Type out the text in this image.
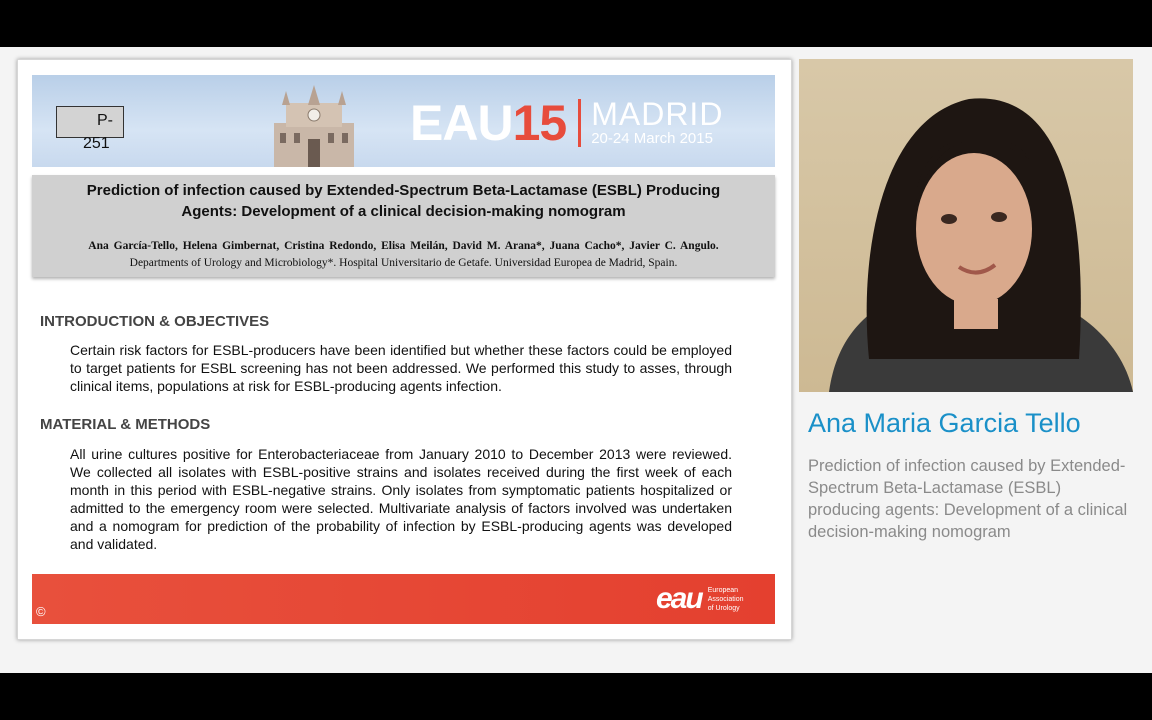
P-
251	EAU 15 MADRID
20-24 March 2015
Prediction of infection caused by Extended-Spectrum Beta-Lactamase (ESBL) Producing
Agents: Development of a clinical decision-making nomogram
Ana García-Tello, Helena Gimbernat, Cristina Redondo, Elisa Meilán, David M. Arana*, Juana Cacho*, Javier C. Angulo.
Departments of Urology and Microbiology*. Hospital Universitario de Getafe. Universidad Europea de Madrid, Spain.
INTRODUCTION & OBJECTIVES
Certain risk factors for ESBL-producers have been identified but whether these factors could be employed to target patients for ESBL screening has not been addressed. We performed this study to asses, through clinical items, populations at risk for ESBL-producing agents infection.
MATERIAL & METHODS
All urine cultures positive for Enterobacteriaceae from January 2010 to December 2013 were reviewed. We collected all isolates with ESBL-positive strains and isolates received during the first week of each month in this period with ESBL-negative strains. Only isolates from symptomatic patients hospitalized or admitted to the emergency room were selected. Multivariate analysis of factors involved was undertaken and a nomogram for prediction of the probability of infection by ESBL-producing agents was developed and validated.
©	eau European
Association
of Urology
Ana Maria Garcia Tello
Prediction of infection caused by Extended-Spectrum Beta-Lactamase (ESBL) producing agents: Development of a clinical decision-making nomogram
